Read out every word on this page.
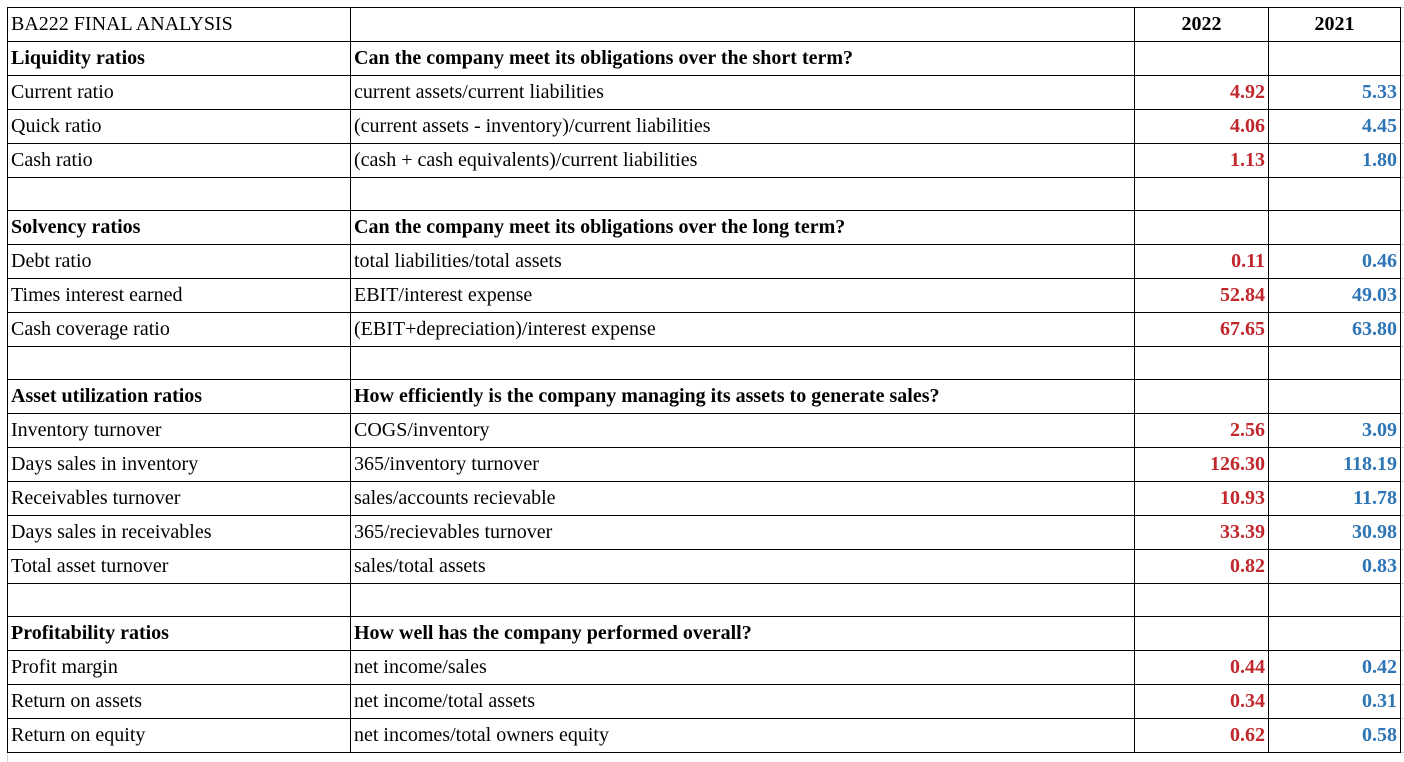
BA222 FINAL ANALYSIS		2022	2021	
Liquidity ratios	Can the company meet its obligations over the short term?			
Current ratio	current assets/current liabilities	4.92	5.33	
Quick ratio	(current assets - inventory)/current liabilities	4.06	4.45	
Cash ratio	(cash + cash equivalents)/current liabilities	1.13	1.80	

Solvency ratios	Can the company meet its obligations over the long term?			
Debt ratio	total liabilities/total assets	0.11	0.46	
Times interest earned	EBIT/interest expense	52.84	49.03	
Cash coverage ratio	(EBIT+depreciation)/interest expense	67.65	63.80	

Asset utilization ratios	How efficiently is the company managing its assets to generate sales?			
Inventory turnover	COGS/inventory	2.56	3.09	
Days sales in inventory	365/inventory turnover	126.30	118.19	
Receivables turnover	sales/accounts recievable	10.93	11.78	
Days sales in receivables	365/recievables turnover	33.39	30.98	
Total asset turnover	sales/total assets	0.82	0.83	

Profitability ratios	How well has the company performed overall?			
Profit margin	net income/sales	0.44	0.42	
Return on assets	net income/total assets	0.34	0.31	
Return on equity	net incomes/total owners equity	0.62	0.58	
